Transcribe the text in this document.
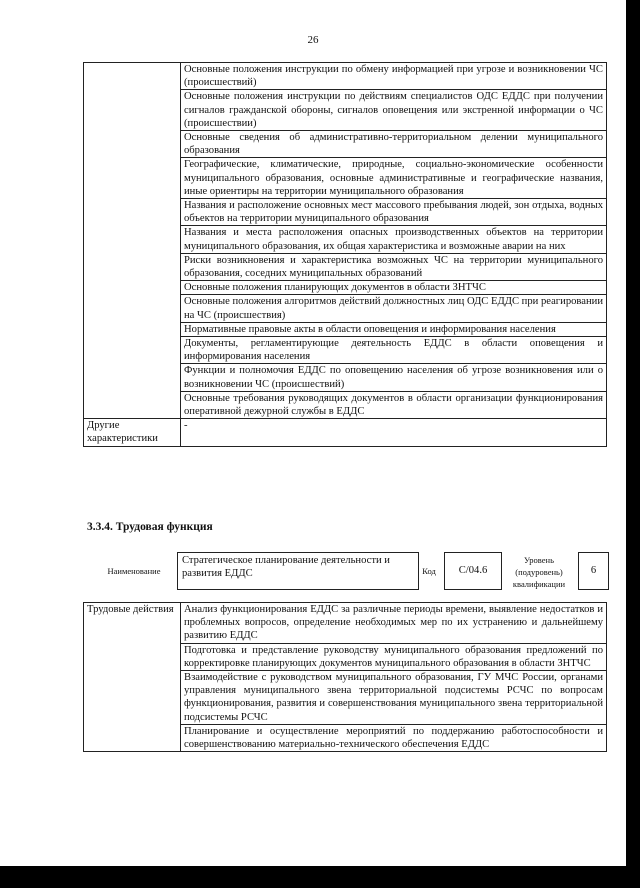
26
	Основные положения инструкции по обмену информацией при угрозе и возникновении ЧС (происшествий)
	Основные положения инструкции по действиям специалистов ОДС ЕДДС при получении сигналов гражданской обороны, сигналов оповещения или экстренной информации о ЧС (происшествии)
	Основные сведения об административно-территориальном делении муниципального образования
	Географические, климатические, природные, социально-экономические особенности муниципального образования, основные административные и географические названия, иные ориентиры на территории муниципального образования
	Названия и расположение основных мест массового пребывания людей, зон отдыха, водных объектов на территории муниципального образования
	Названия и места расположения опасных производственных объектов на территории муниципального образования, их общая характеристика и возможные аварии на них
	Риски возникновения и характеристика возможных ЧС на территории муниципального образования, соседних муниципальных образований
	Основные положения планирующих документов в области ЗНТЧС
	Основные положения алгоритмов действий должностных лиц ОДС ЕДДС при реагировании на ЧС (происшествия)
	Нормативные правовые акты в области оповещения и информирования населения
	Документы, регламентирующие деятельность ЕДДС в области оповещения и информирования населения
	Функции и полномочия ЕДДС по оповещению населения об угрозе возникновения или о возникновении ЧС (происшествий)
	Основные требования руководящих документов в области организации функционирования оперативной дежурной службы в ЕДДС
Другие характеристики	-
3.3.4. Трудовая функция
Наименование
Стратегическое планирование деятельности и развития ЕДДС	Код	C/04.6
Уровень (подуровень) квалификации
6
Трудовые действия	Анализ функционирования ЕДДС за различные периоды времени, выявление недостатков и проблемных вопросов, определение необходимых мер по их устранению и дальнейшему развитию ЕДДС
Подготовка и представление руководству муниципального образования предложений по корректировке планирующих документов муниципального образования в области ЗНТЧС
Взаимодействие с руководством муниципального образования, ГУ МЧС России, органами управления муниципального звена территориальной подсистемы РСЧС по вопросам функционирования, развития и совершенствования муниципального звена территориальной подсистемы РСЧС
Планирование и осуществление мероприятий по поддержанию работоспособности и совершенствованию материально-технического обеспечения ЕДДС
